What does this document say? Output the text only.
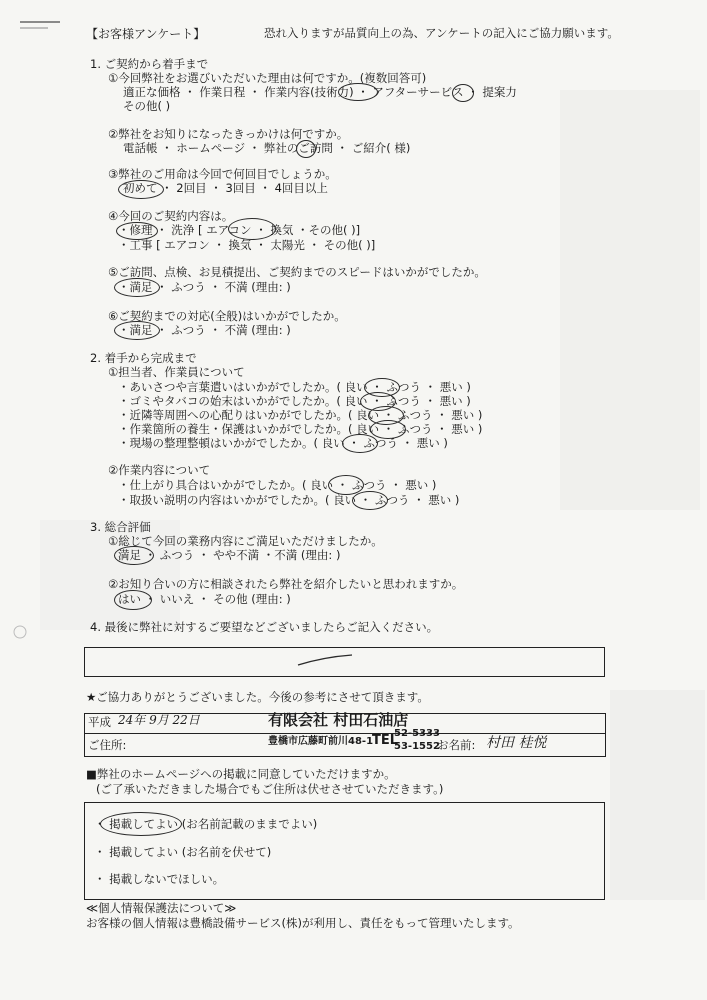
【お客様アンケート】	恐れ入りますが品質向上の為、アンケートの記入にご協力願います。
1. ご契約から着手まで
①今回弊社をお選びいただいた理由は何ですか。(複数回答可)
適正な価格 ・ 作業日程 ・ 作業内容(技術力) ・ アフターサービス ・ 提案力
その他( )
②弊社をお知りになったきっかけは何ですか。
電話帳 ・ ホームページ ・ 弊社のご訪問 ・ ご紹介( 様)
③弊社のご用命は今回で何回目でしょうか。
初めて ・ 2回目 ・ 3回目 ・ 4回目以上
④今回のご契約内容は。
・修理 ・ 洗浄 [ エアコン ・ 換気 ・その他( )]
・工事 [ エアコン ・ 換気 ・ 太陽光 ・ その他( )]
⑤ご訪問、点検、お見積提出、ご契約までのスピードはいかがでしたか。
・満足 ・ ふつう ・ 不満 (理由: )
⑥ご契約までの対応(全般)はいかがでしたか。
・満足 ・ ふつう ・ 不満 (理由: )
2. 着手から完成まで
①担当者、作業員について
・あいさつや言葉遣いはいかがでしたか。( 良い ・ ふつう ・ 悪い )
・ゴミやタバコの始末はいかがでしたか。( 良い ・ ふつう ・ 悪い )
・近隣等周囲への心配りはいかがでしたか。( 良い ・ ふつう ・ 悪い )
・作業箇所の養生・保護はいかがでしたか。( 良い ・ ふつう ・ 悪い )
・現場の整理整頓はいかがでしたか。( 良い ・ ふつう ・ 悪い )
②作業内容について
・仕上がり具合はいかがでしたか。( 良い ・ ふつう ・ 悪い )
・取扱い説明の内容はいかがでしたか。( 良い ・ ふつう ・ 悪い )
3. 総合評価
①総じて今回の業務内容にご満足いただけましたか。
満足 ・ ふつう ・ やや不満 ・不満 (理由: )
②お知り合いの方に相談されたら弊社を紹介したいと思われますか。
はい ・ いいえ ・ その他 (理由: )
4. 最後に弊社に対するご要望などございましたらご記入ください。
★ご協力ありがとうございました。今後の参考にさせて頂きます。
平成 24年 9月 22日
ご住所:
有限会社 村田石油店
豊橋市広藤町前川48-1
TEL
52-5333
53-1552
お名前: 村田 桂悦
■弊社のホームページへの掲載に同意していただけますか。
(ご了承いただきました場合でもご住所は伏せさせていただきます。)
・ 掲載してよい (お名前記載のままでよい)
・ 掲載してよい (お名前を伏せて)
・ 掲載しないでほしい。
≪個人情報保護法について≫
お客様の個人情報は豊橋設備サービス(株)が利用し、責任をもって管理いたします。
